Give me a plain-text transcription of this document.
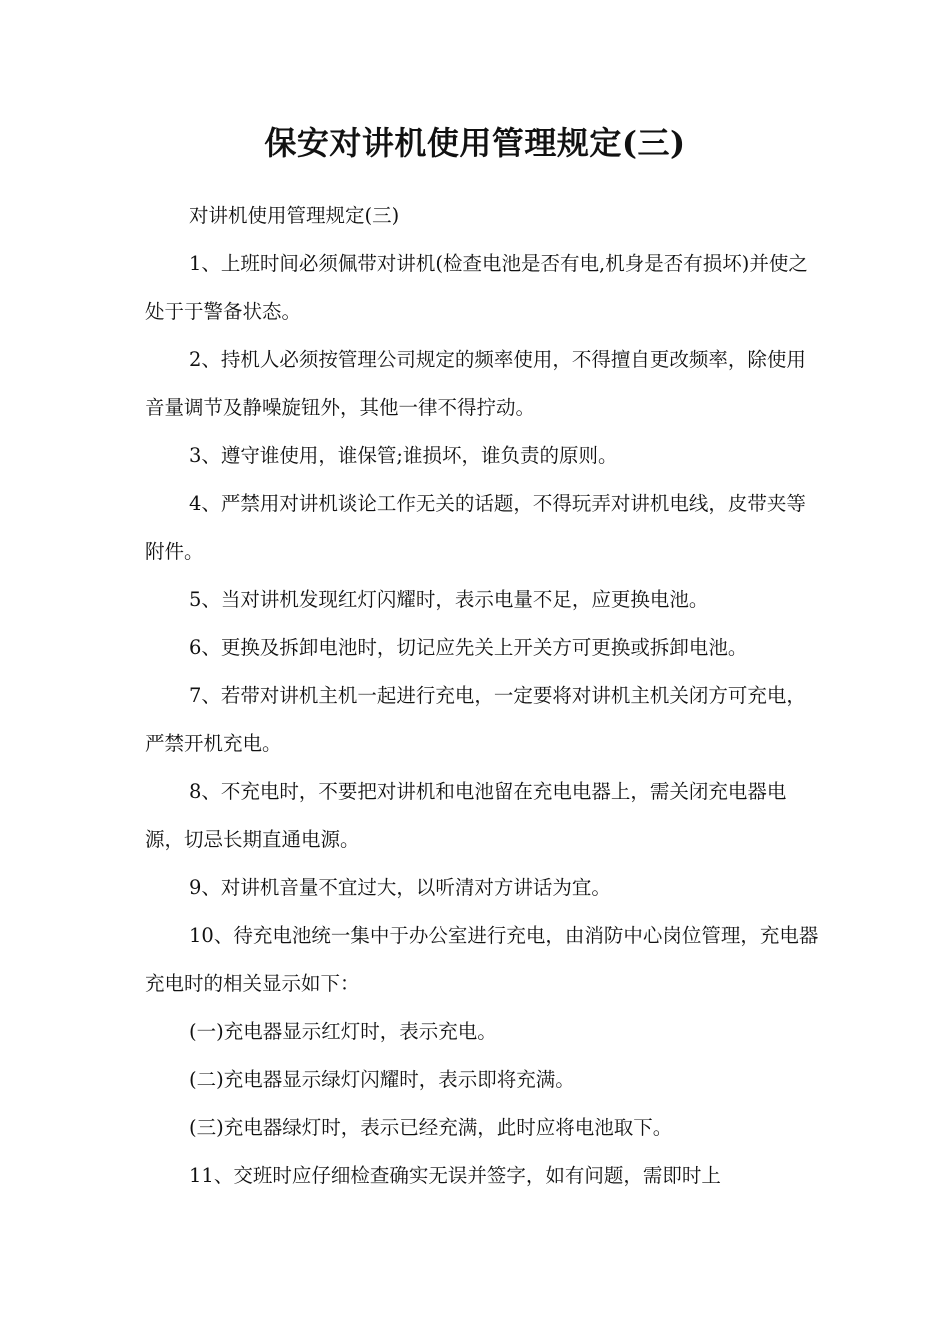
保安对讲机使用管理规定(三)

对讲机使用管理规定(三)

1、上班时间必须佩带对讲机(检查电池是否有电,机身是否有损坏)并使之处于于警备状态。

2、持机人必须按管理公司规定的频率使用，不得擅自更改频率，除使用音量调节及静噪旋钮外，其他一律不得拧动。

3、遵守谁使用，谁保管;谁损坏，谁负责的原则。

4、严禁用对讲机谈论工作无关的话题，不得玩弄对讲机电线，皮带夹等附件。

5、当对讲机发现红灯闪耀时，表示电量不足，应更换电池。

6、更换及拆卸电池时，切记应先关上开关方可更换或拆卸电池。

7、若带对讲机主机一起进行充电，一定要将对讲机主机关闭方可充电，严禁开机充电。

8、不充电时，不要把对讲机和电池留在充电电器上，需关闭充电器电源，切忌长期直通电源。

9、对讲机音量不宜过大，以听清对方讲话为宜。

10、待充电池统一集中于办公室进行充电，由消防中心岗位管理，充电器充电时的相关显示如下：

(一)充电器显示红灯时，表示充电。

(二)充电器显示绿灯闪耀时，表示即将充满。

(三)充电器绿灯时，表示已经充满，此时应将电池取下。

11、交班时应仔细检查确实无误并签字，如有问题，需即时上
